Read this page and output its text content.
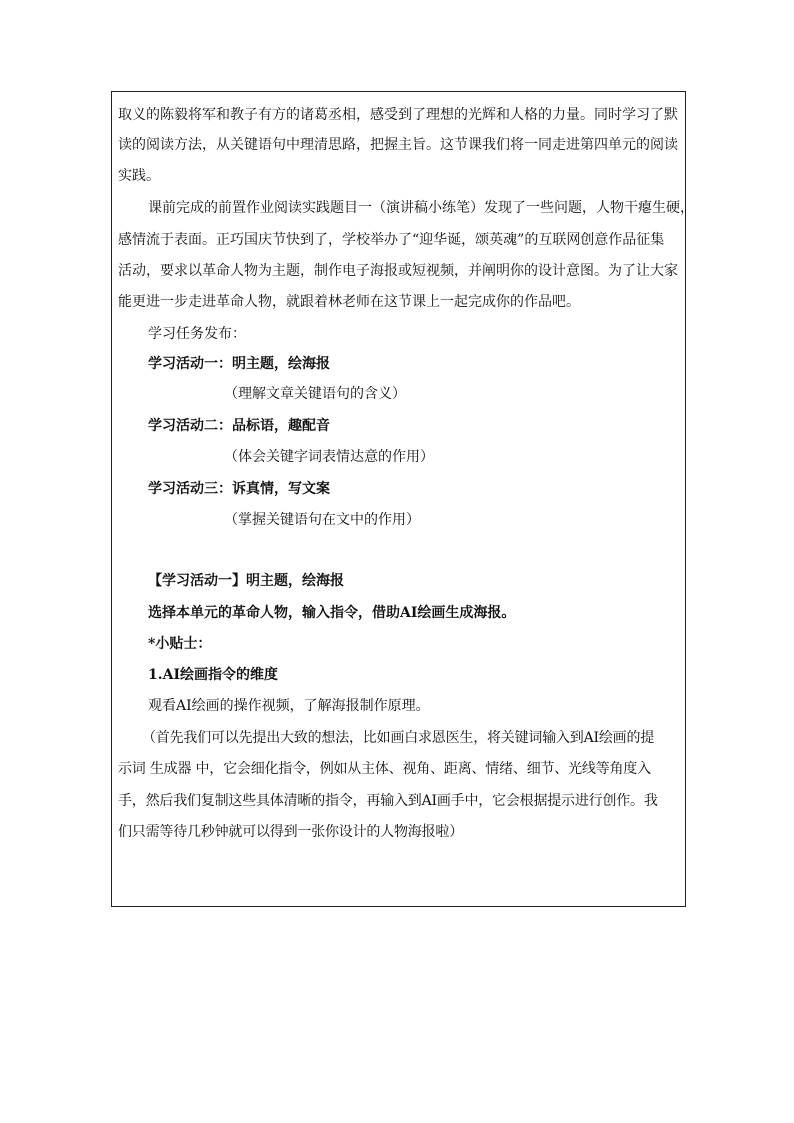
取义的陈毅将军和教子有方的诸葛丞相，感受到了理想的光辉和人格的力量。同时学习了默
读的阅读方法，从关键语句中理清思路，把握主旨。这节课我们将一同走进第四单元的阅读
实践。
课前完成的前置作业阅读实践题目一（演讲稿小练笔）发现了一些问题，人物干瘪生硬，
感情流于表面。正巧国庆节快到了，学校举办了“迎华诞，颂英魂”的互联网创意作品征集
活动，要求以革命人物为主题，制作电子海报或短视频，并阐明你的设计意图。为了让大家
能更进一步走进革命人物，就跟着林老师在这节课上一起完成你的作品吧。
学习任务发布：
学习活动一：明主题，绘海报
（理解文章关键语句的含义）
学习活动二：品标语，趣配音
（体会关键字词表情达意的作用）
学习活动三：诉真情，写文案
（掌握关键语句在文中的作用）
【学习活动一】明主题，绘海报
选择本单元的革命人物，输入指令，借助AI绘画生成海报。
*小贴士：
1.AI绘画指令的维度
观看AI绘画的操作视频，了解海报制作原理。
（首先我们可以先提出大致的想法，比如画白求恩医生，将关键词输入到AI绘画的提
示词 生成器 中，它会细化指令，例如从主体、视角、距离、情绪、细节、光线等角度入
手，然后我们复制这些具体清晰的指令，再输入到AI画手中，它会根据提示进行创作。我
们只需等待几秒钟就可以得到一张你设计的人物海报啦）
